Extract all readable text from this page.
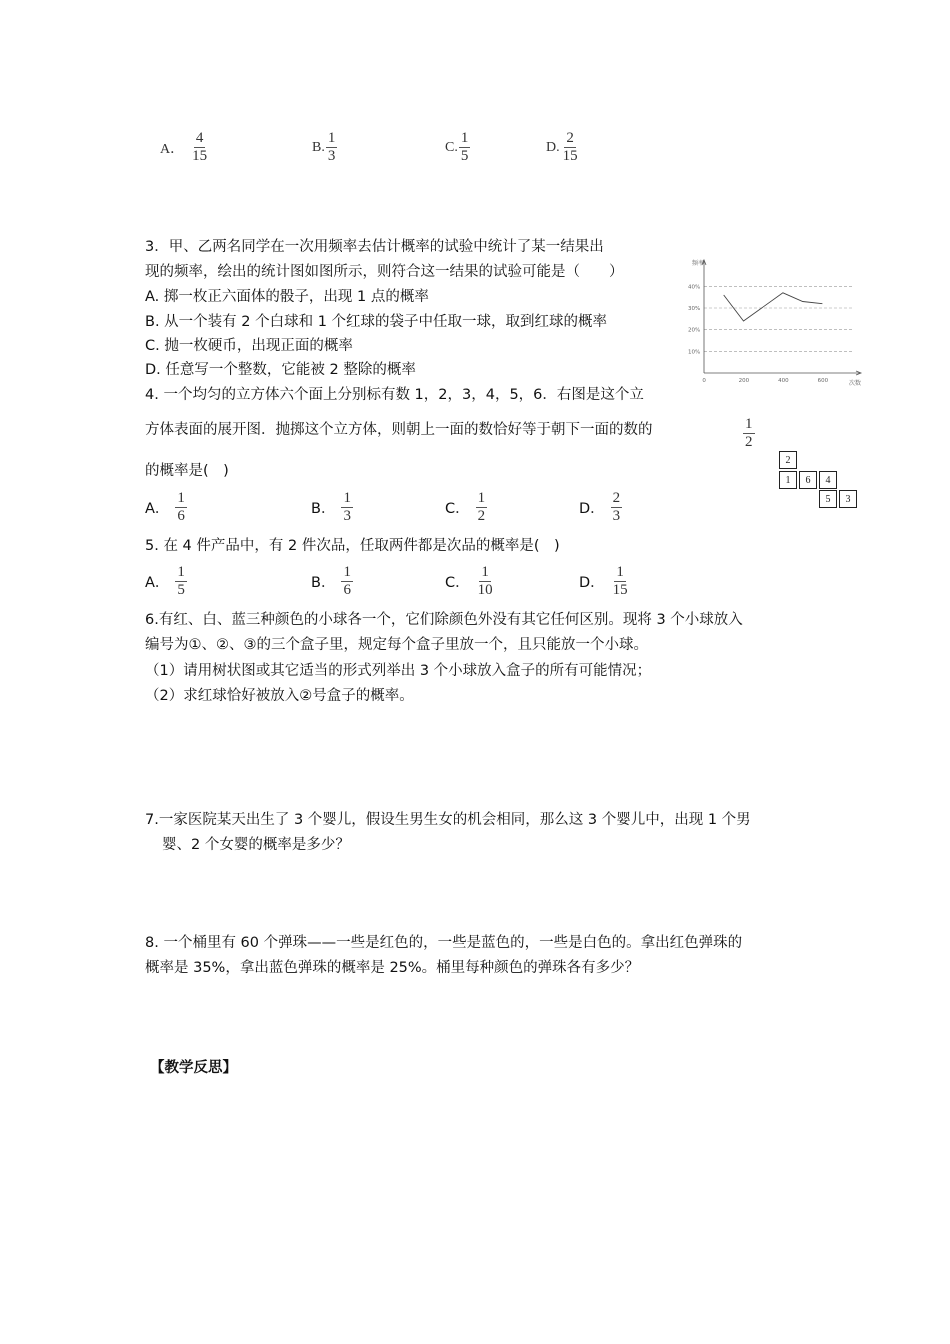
A． $\frac{4}{15}$	B. $\frac{1}{3}$	C. $\frac{1}{5}$	D. $\frac{2}{15}$
3．甲、乙两名同学在一次用频率去估计概率的试验中统计了某一结果出
现的频率，绘出的统计图如图所示，则符合这一结果的试验可能是（　　）
A. 掷一枚正六面体的骰子，出现 1 点的概率
B. 从一个装有 2 个白球和 1 个红球的袋子中任取一球，取到红球的概率
C. 抛一枚硬币，出现正面的概率
D. 任意写一个整数，它能被 2 整除的概率
10%
20%
30%
40%
0	200	400	600
频率
次数
4. 一个均匀的立方体六个面上分别标有数 1，2，3，4，5，6．右图是这个立
方体表面的展开图．抛掷这个立方体，则朝上一面的数恰好等于朝下一面的数的	$\frac{1}{2}$
的概率是(　)
2
1	6	4
5	3
A． $\frac{1}{6}$	B． $\frac{1}{3}$	C． $\frac{1}{2}$	D． $\frac{2}{3}$
5. 在 4 件产品中，有 2 件次品，任取两件都是次品的概率是(　)
A． $\frac{1}{5}$	B． $\frac{1}{6}$	C． $\frac{1}{10}$	D． $\frac{1}{15}$
6.有红、白、蓝三种颜色的小球各一个，它们除颜色外没有其它任何区别。现将 3 个小球放入
编号为①、②、③的三个盒子里，规定每个盒子里放一个，且只能放一个小球。
（1）请用树状图或其它适当的形式列举出 3 个小球放入盒子的所有可能情况；
（2）求红球恰好被放入②号盒子的概率。
7.一家医院某天出生了 3 个婴儿，假设生男生女的机会相同，那么这 3 个婴儿中，出现 1 个男
婴、2 个女婴的概率是多少？
8. 一个桶里有 60 个弹珠——一些是红色的，一些是蓝色的，一些是白色的。拿出红色弹珠的
概率是 35%，拿出蓝色弹珠的概率是 25%。桶里每种颜色的弹珠各有多少？
【教学反思】
